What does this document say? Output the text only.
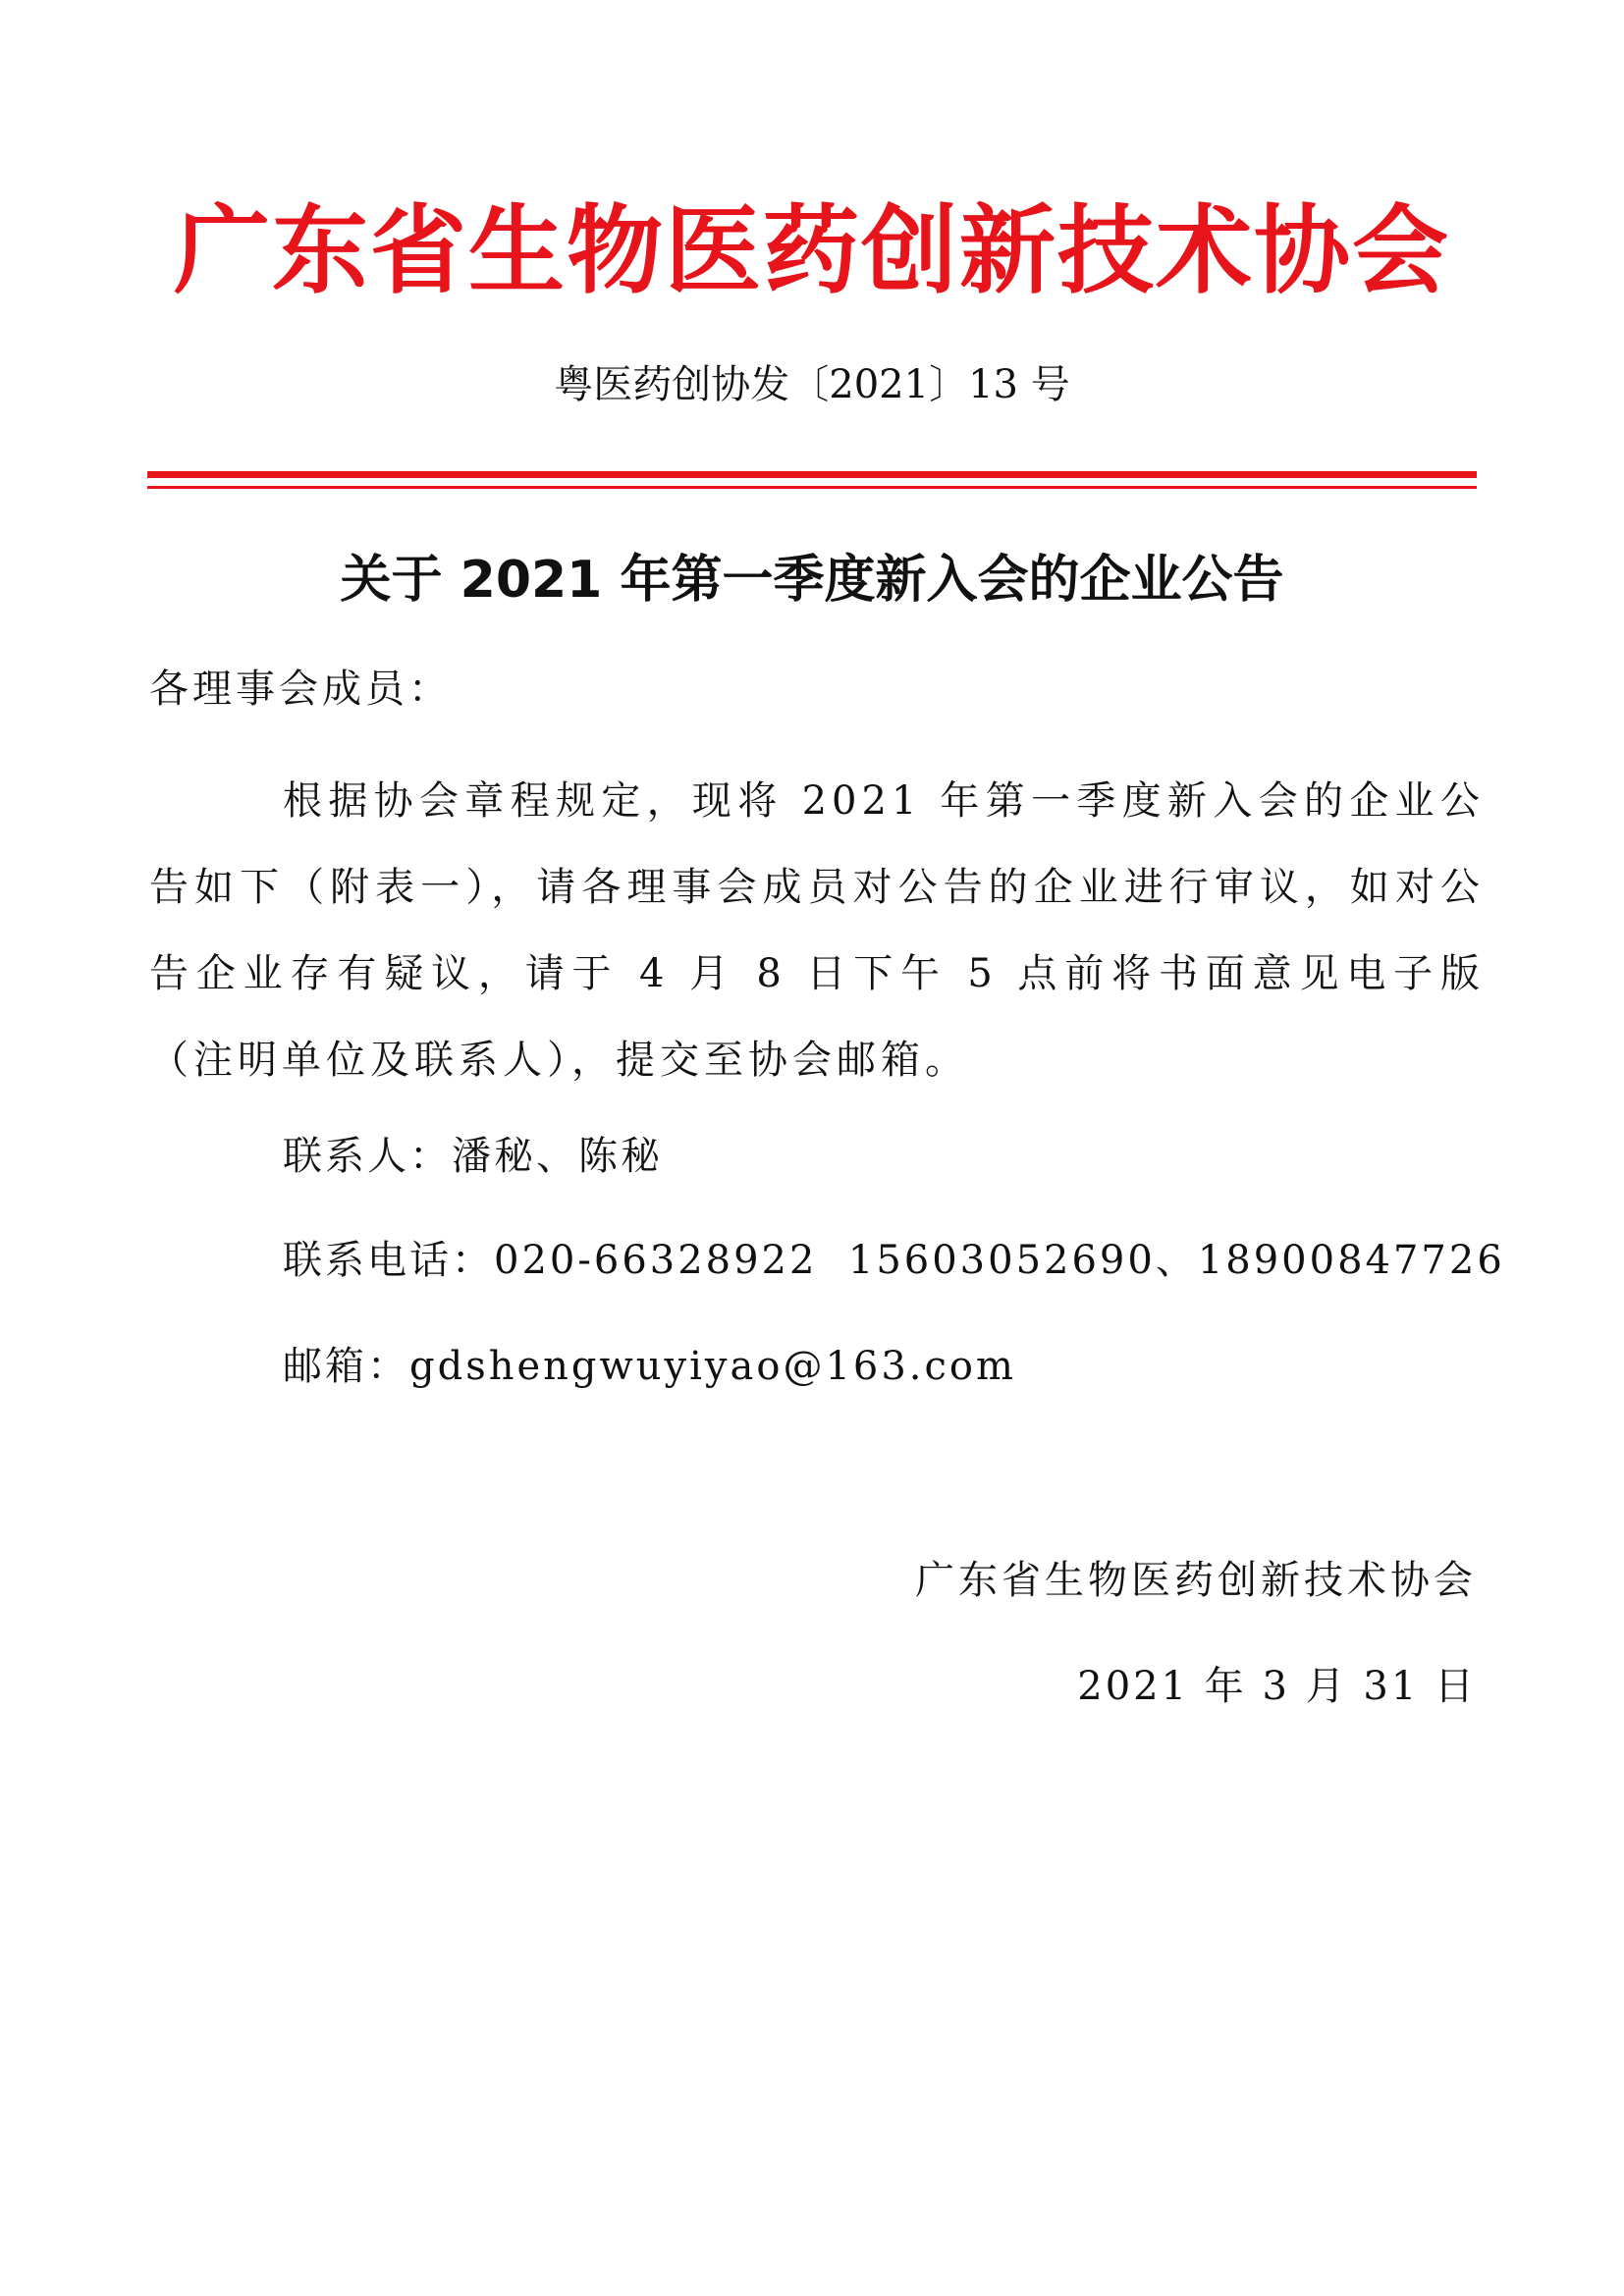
广东省生物医药创新技术协会
粤医药创协发〔2021〕13 号
关于 2021 年第一季度新入会的企业公告
各理事会成员：
根据协会章程规定，现将 2021 年第一季度新入会的企业公告如下（附表一），请各理事会成员对公告的企业进行审议，如对公告企业存有疑议，请于 4 月 8 日下午 5 点前将书面意见电子版（注明单位及联系人），提交至协会邮箱。
联系人：潘秘、陈秘
联系电话：020-66328922  15603052690、18900847726
邮箱：gdshengwuyiyao@163.com
广东省生物医药创新技术协会
2021 年 3 月 31 日
